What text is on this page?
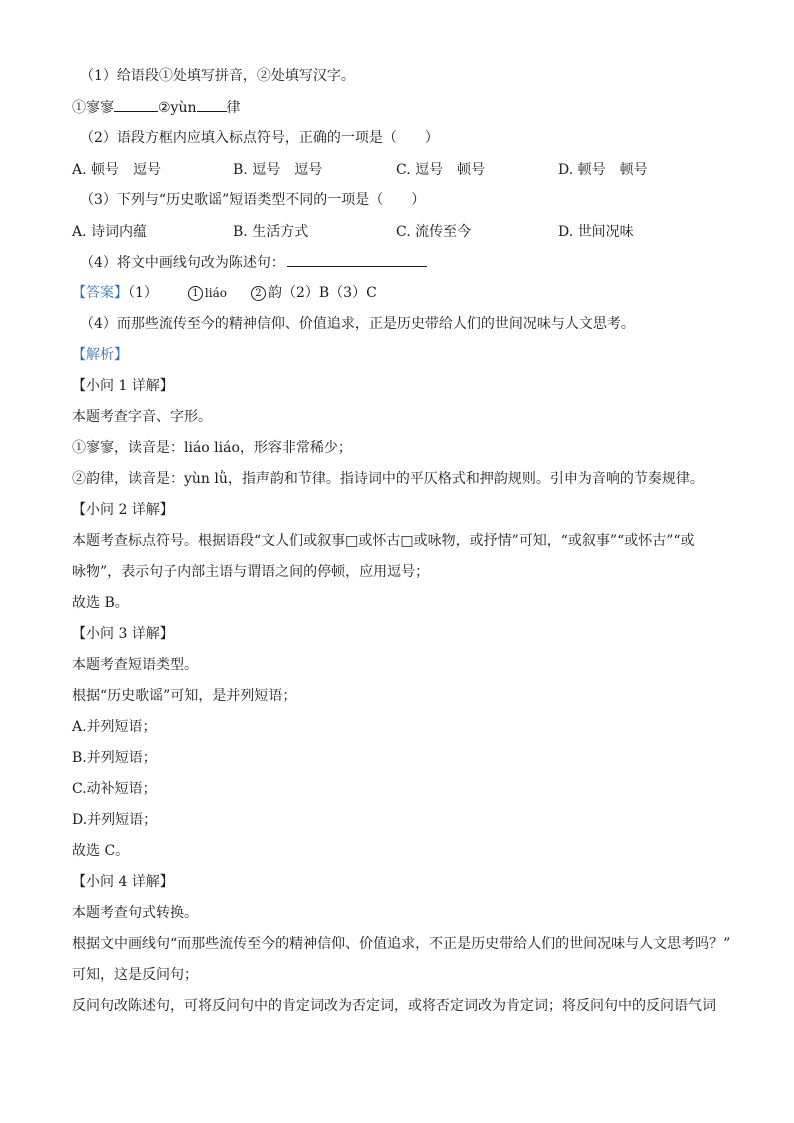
（1）给语段①处填写拼音，②处填写汉字。
①寥寥	②yùn 律
（2）语段方框内应填入标点符号，正确的一项是（　　）
A. 顿号　逗号	B. 逗号　逗号	C. 逗号　顿号	D. 顿号　顿号
（3）下列与“历史歌谣”短语类型不同的一项是（　　）
A. 诗词内蕴	B. 生活方式	C. 流传至今	D. 世间况味
（4）将文中画线句改为陈述句：
【答案】（1）	1 liáo	2 韵（2）B（3）C
（4）而那些流传至今的精神信仰、价值追求，正是历史带给人们的世间况味与人文思考。
【解析】
【小问 1 详解】
本题考查字音、字形。
①寥寥，读音是：liáo liáo，形容非常稀少；
②韵律，读音是：yùn lǜ，指声韵和节律。指诗词中的平仄格式和押韵规则。引申为音响的节奏规律。
【小问 2 详解】
本题考查标点符号。根据语段“文人们或叙事□或怀古□或咏物，或抒情”可知，“或叙事”“或怀古”“或
咏物”，表示句子内部主语与谓语之间的停顿，应用逗号；
故选 B。
【小问 3 详解】
本题考查短语类型。
根据“历史歌谣”可知，是并列短语；
A.并列短语；
B.并列短语；
C.动补短语；
D.并列短语；
故选 C。
【小问 4 详解】
本题考查句式转换。
根据文中画线句“而那些流传至今的精神信仰、价值追求，不正是历史带给人们的世间况味与人文思考吗？”
可知，这是反问句；
反问句改陈述句，可将反问句中的肯定词改为否定词，或将否定词改为肯定词；将反问句中的反问语气词
